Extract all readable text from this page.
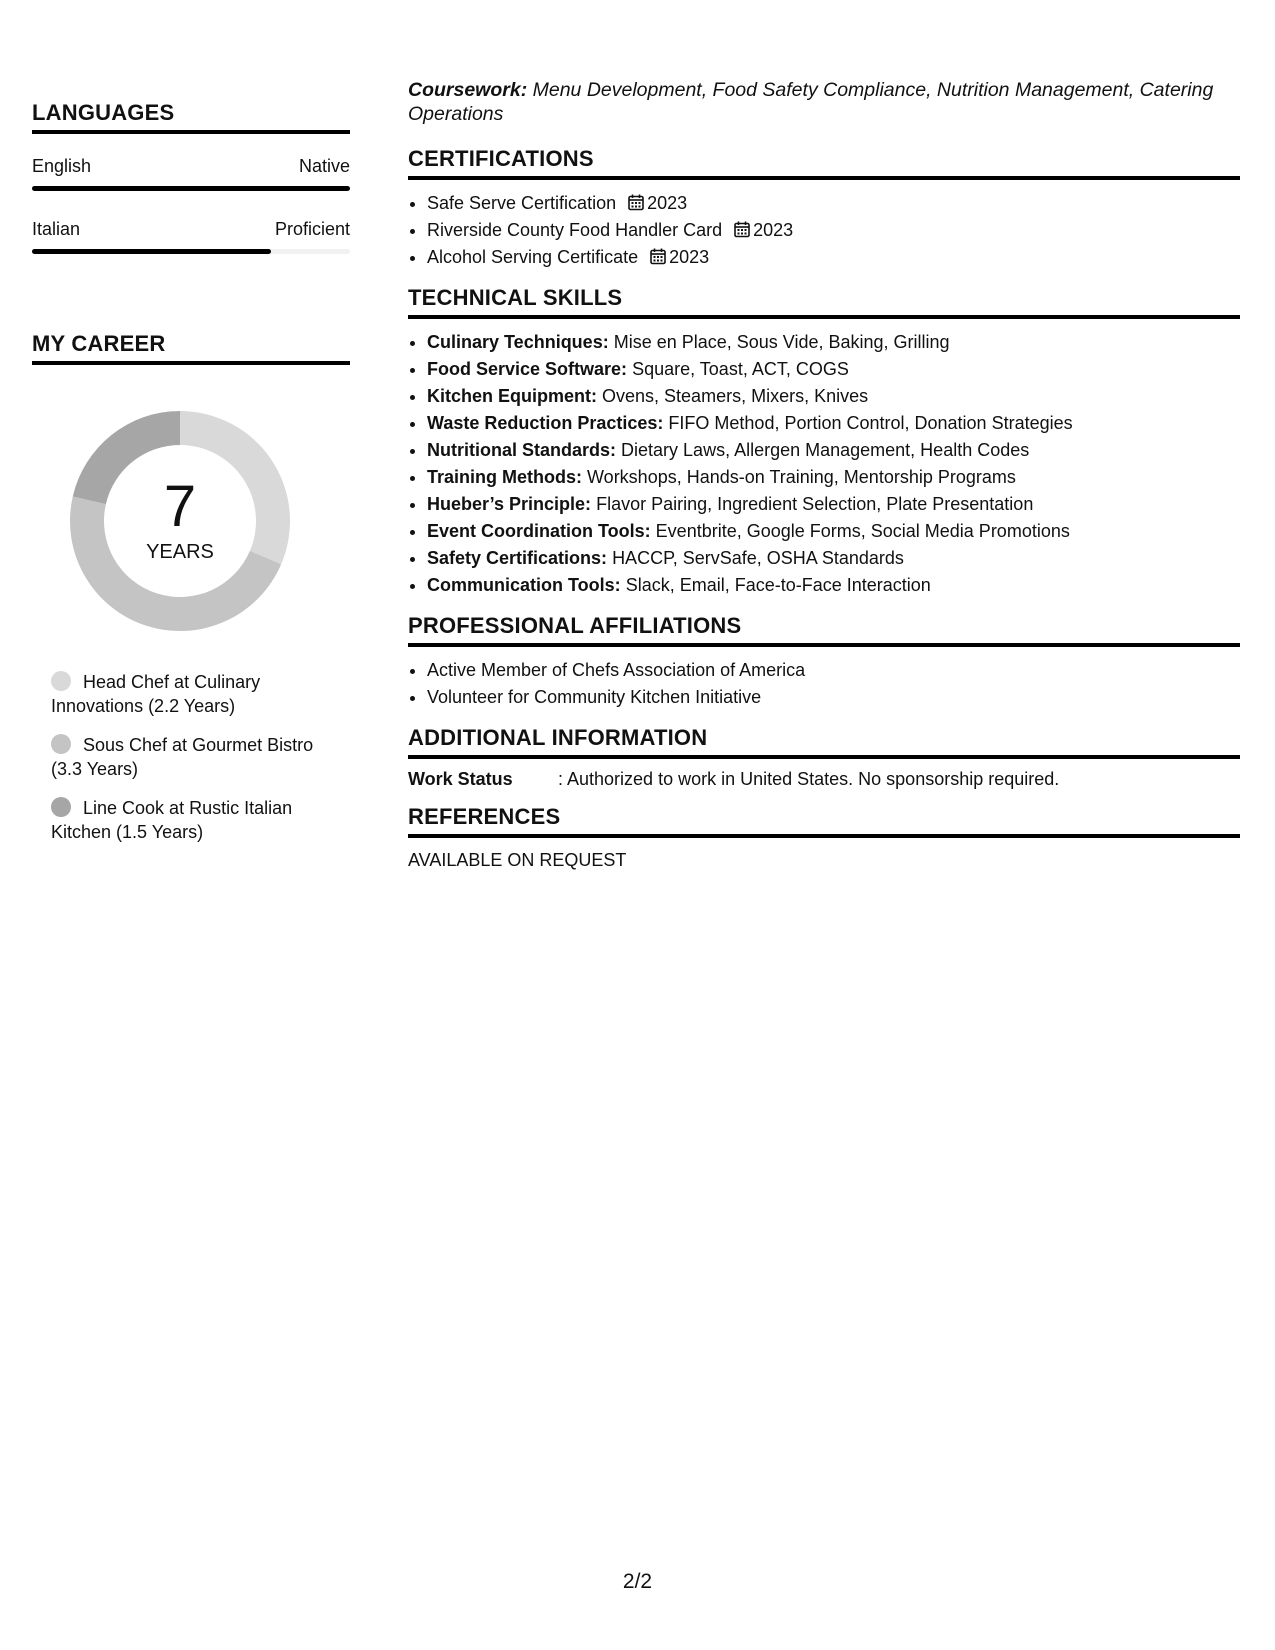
LANGUAGES
English	Native
Italian	Proficient
MY CAREER
7
YEARS
Head Chef at Culinary Innovations (2.2 Years)
Sous Chef at Gourmet Bistro (3.3 Years)
Line Cook at Rustic Italian Kitchen (1.5 Years)

Coursework: Menu Development, Food Safety Compliance, Nutrition Management, Catering Operations

CERTIFICATIONS
• Safe Serve Certification 2023
• Riverside County Food Handler Card 2023
• Alcohol Serving Certificate 2023
TECHNICAL SKILLS
• Culinary Techniques: Mise en Place, Sous Vide, Baking, Grilling
• Food Service Software: Square, Toast, ACT, COGS
• Kitchen Equipment: Ovens, Steamers, Mixers, Knives
• Waste Reduction Practices: FIFO Method, Portion Control, Donation Strategies
• Nutritional Standards: Dietary Laws, Allergen Management, Health Codes
• Training Methods: Workshops, Hands-on Training, Mentorship Programs
• Hueber’s Principle: Flavor Pairing, Ingredient Selection, Plate Presentation
• Event Coordination Tools: Eventbrite, Google Forms, Social Media Promotions
• Safety Certifications: HACCP, ServSafe, OSHA Standards
• Communication Tools: Slack, Email, Face-to-Face Interaction
PROFESSIONAL AFFILIATIONS
• Active Member of Chefs Association of America
• Volunteer for Community Kitchen Initiative
ADDITIONAL INFORMATION
Work Status	: Authorized to work in United States. No sponsorship required.
REFERENCES
AVAILABLE ON REQUEST
2/2
